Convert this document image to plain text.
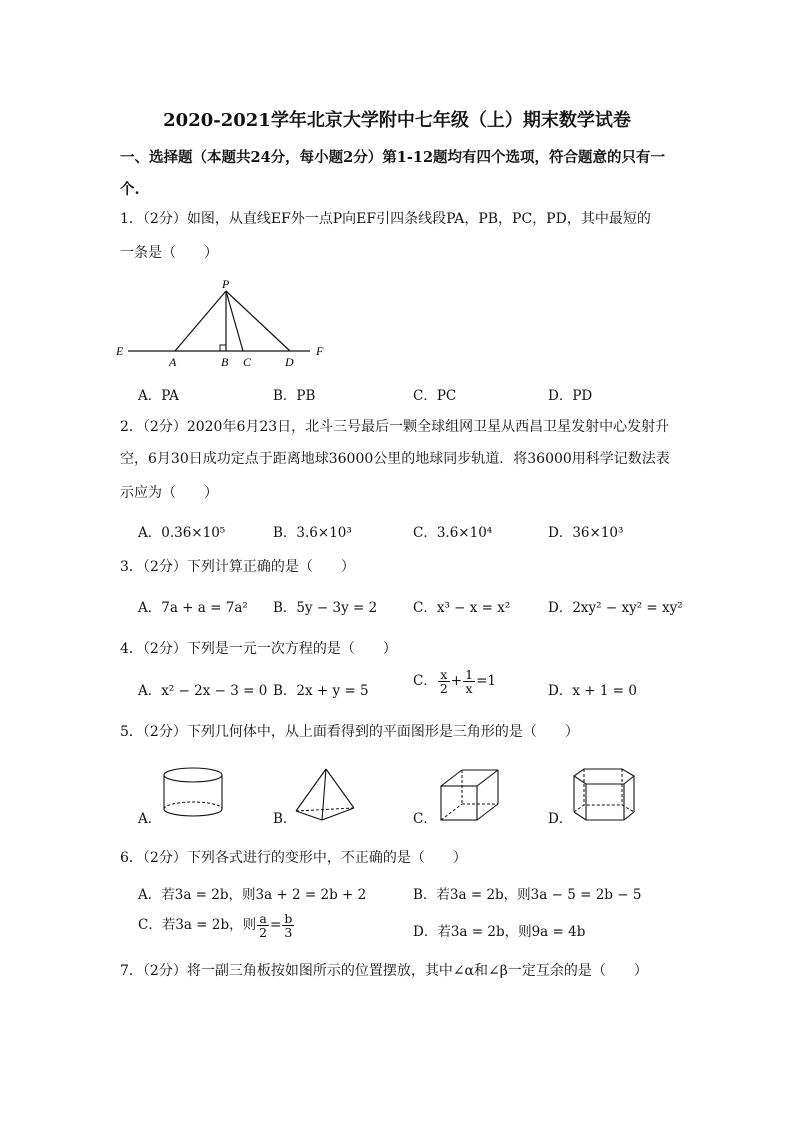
2020-2021学年北京大学附中七年级（上）期末数学试卷
一、选择题（本题共24分，每小题2分）第1-12题均有四个选项，符合题意的只有一
个.
1．（2分）如图，从直线EF外一点P向EF引四条线段PA，PB，PC，PD，其中最短的
一条是（　　）
P
E
A	B C	D
F
A．PA	B．PB	C．PC	D．PD
2．（2分）2020年6月23日，北斗三号最后一颗全球组网卫星从西昌卫星发射中心发射升
空，6月30日成功定点于距离地球36000公里的地球同步轨道．将36000用科学记数法表
示应为（　　）
A．0.36×10⁵	B．3.6×10³	C．3.6×10⁴	D．36×10³
3．（2分）下列计算正确的是（　　）
A．7a + a = 7a² B．5y − 3y = 2	C．x³ − x = x²	D．2xy² − xy² = xy²
4．（2分）下列是一元一次方程的是（　　）
A．x² − 2x − 3 = 0 B．2x + y = 5
C． $\frac{x}{2} + \frac{1}{x} =1$
D．x + 1 = 0
5．（2分）下列几何体中，从上面看得到的平面图形是三角形的是（　　）
A．	B．	C．	D．
6．（2分）下列各式进行的变形中，不正确的是（　　）
A．若3a = 2b，则3a + 2 = 2b + 2	B．若3a = 2b，则3a − 5 = 2b − 5
C．若3a = 2b，则 $\frac{a}{2} = \frac{b}{3}$	D．若3a = 2b，则9a = 4b
7．（2分）将一副三角板按如图所示的位置摆放，其中∠α和∠β一定互余的是（　　）
